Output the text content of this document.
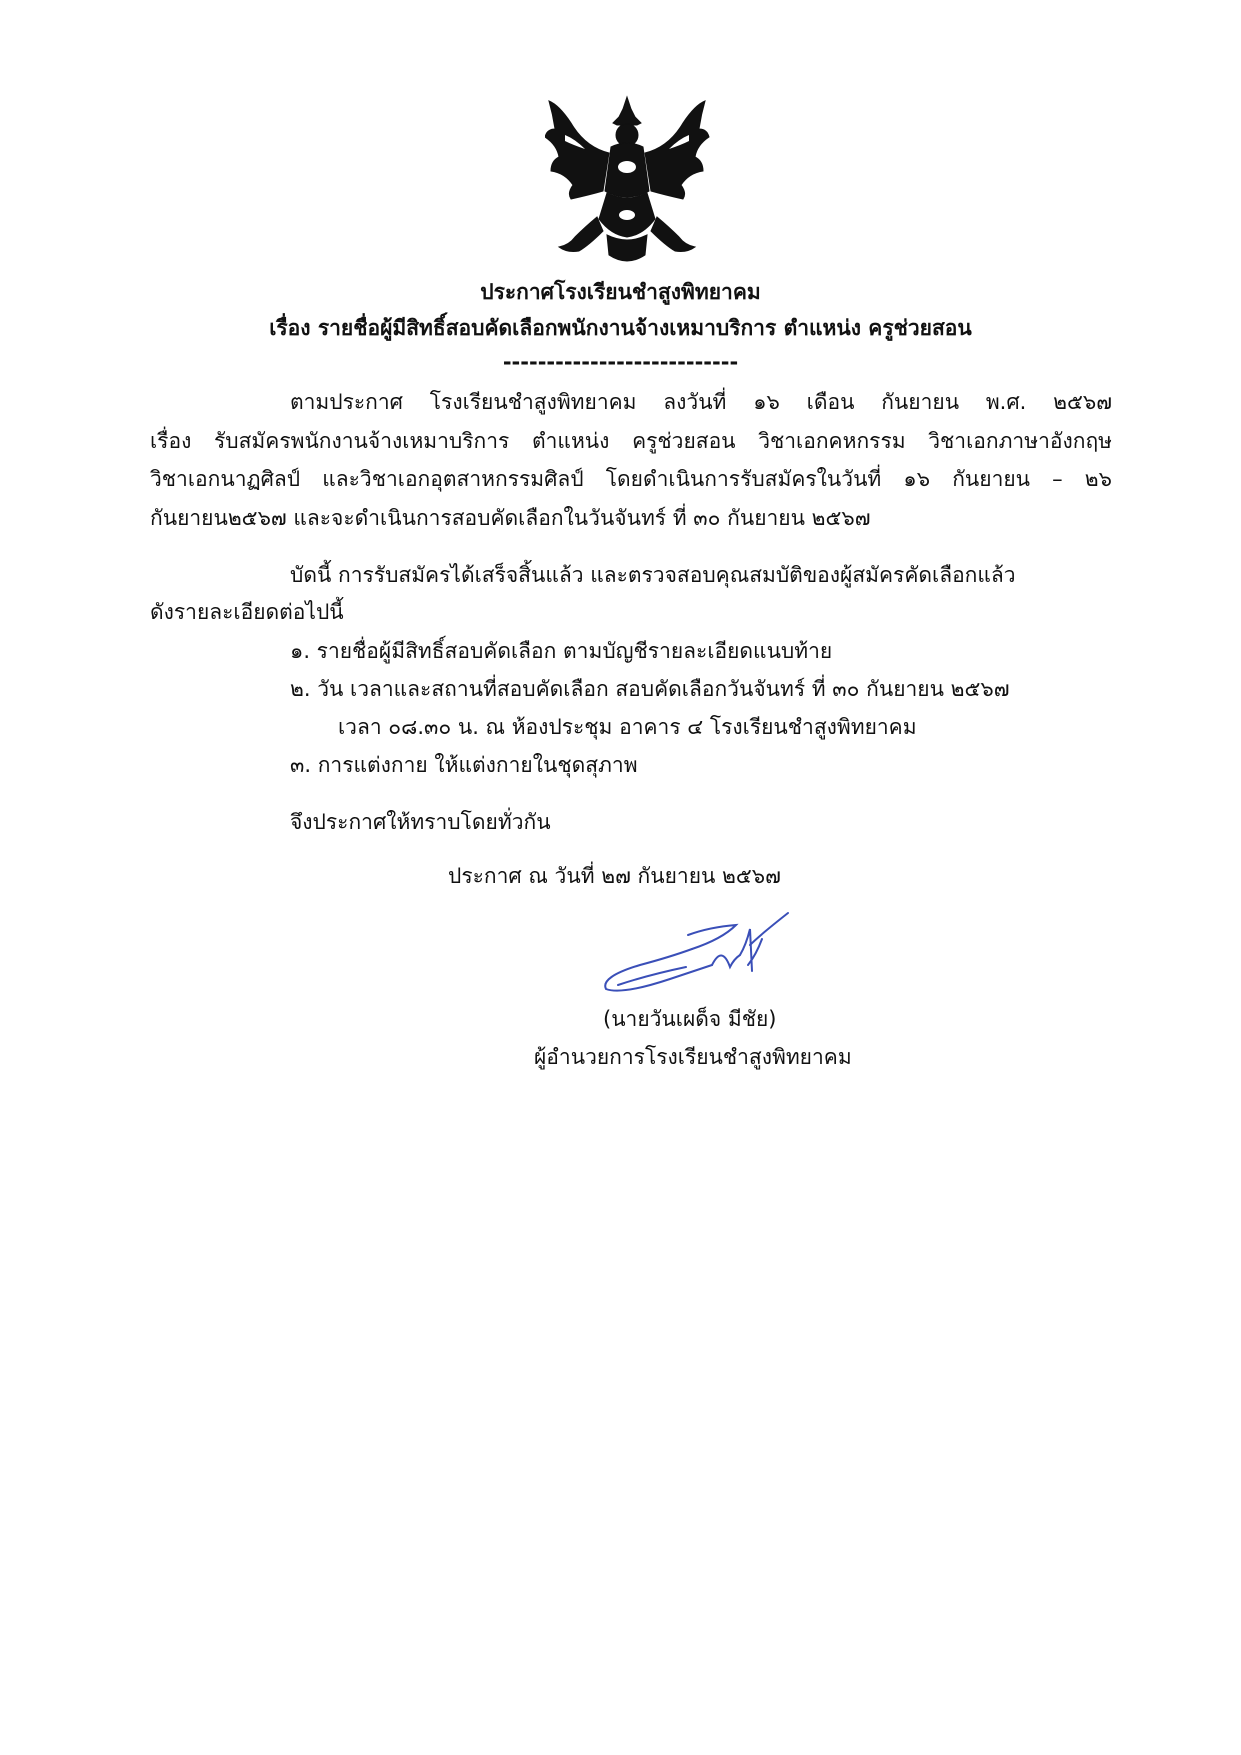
ประกาศโรงเรียนชำสูงพิทยาคม
เรื่อง รายชื่อผู้มีสิทธิ์สอบคัดเลือกพนักงานจ้างเหมาบริการ ตำแหน่ง ครูช่วยสอน
---------------------------
ตามประกาศ โรงเรียนชำสูงพิทยาคม ลงวันที่ ๑๖ เดือน กันยายน พ.ศ. ๒๕๖๗
เรื่อง รับสมัครพนักงานจ้างเหมาบริการ ตำแหน่ง ครูช่วยสอน วิชาเอกคหกรรม วิชาเอกภาษาอังกฤษ
วิชาเอกนาฏศิลป์ และวิชาเอกอุตสาหกรรมศิลป์ โดยดำเนินการรับสมัครในวันที่ ๑๖ กันยายน – ๒๖
กันยายน๒๕๖๗ และจะดำเนินการสอบคัดเลือกในวันจันทร์ ที่ ๓๐ กันยายน ๒๕๖๗
บัดนี้ การรับสมัครได้เสร็จสิ้นแล้ว และตรวจสอบคุณสมบัติของผู้สมัครคัดเลือกแล้ว
ดังรายละเอียดต่อไปนี้
๑. รายชื่อผู้มีสิทธิ์สอบคัดเลือก ตามบัญชีรายละเอียดแนบท้าย
๒. วัน เวลาและสถานที่สอบคัดเลือก สอบคัดเลือกวันจันทร์ ที่ ๓๐ กันยายน ๒๕๖๗
เวลา ๐๘.๓๐ น. ณ ห้องประชุม อาคาร ๔ โรงเรียนชำสูงพิทยาคม
๓. การแต่งกาย ให้แต่งกายในชุดสุภาพ
จึงประกาศให้ทราบโดยทั่วกัน
ประกาศ ณ วันที่ ๒๗ กันยายน ๒๕๖๗
(นายวันเผด็จ มีชัย)
ผู้อำนวยการโรงเรียนชำสูงพิทยาคม
